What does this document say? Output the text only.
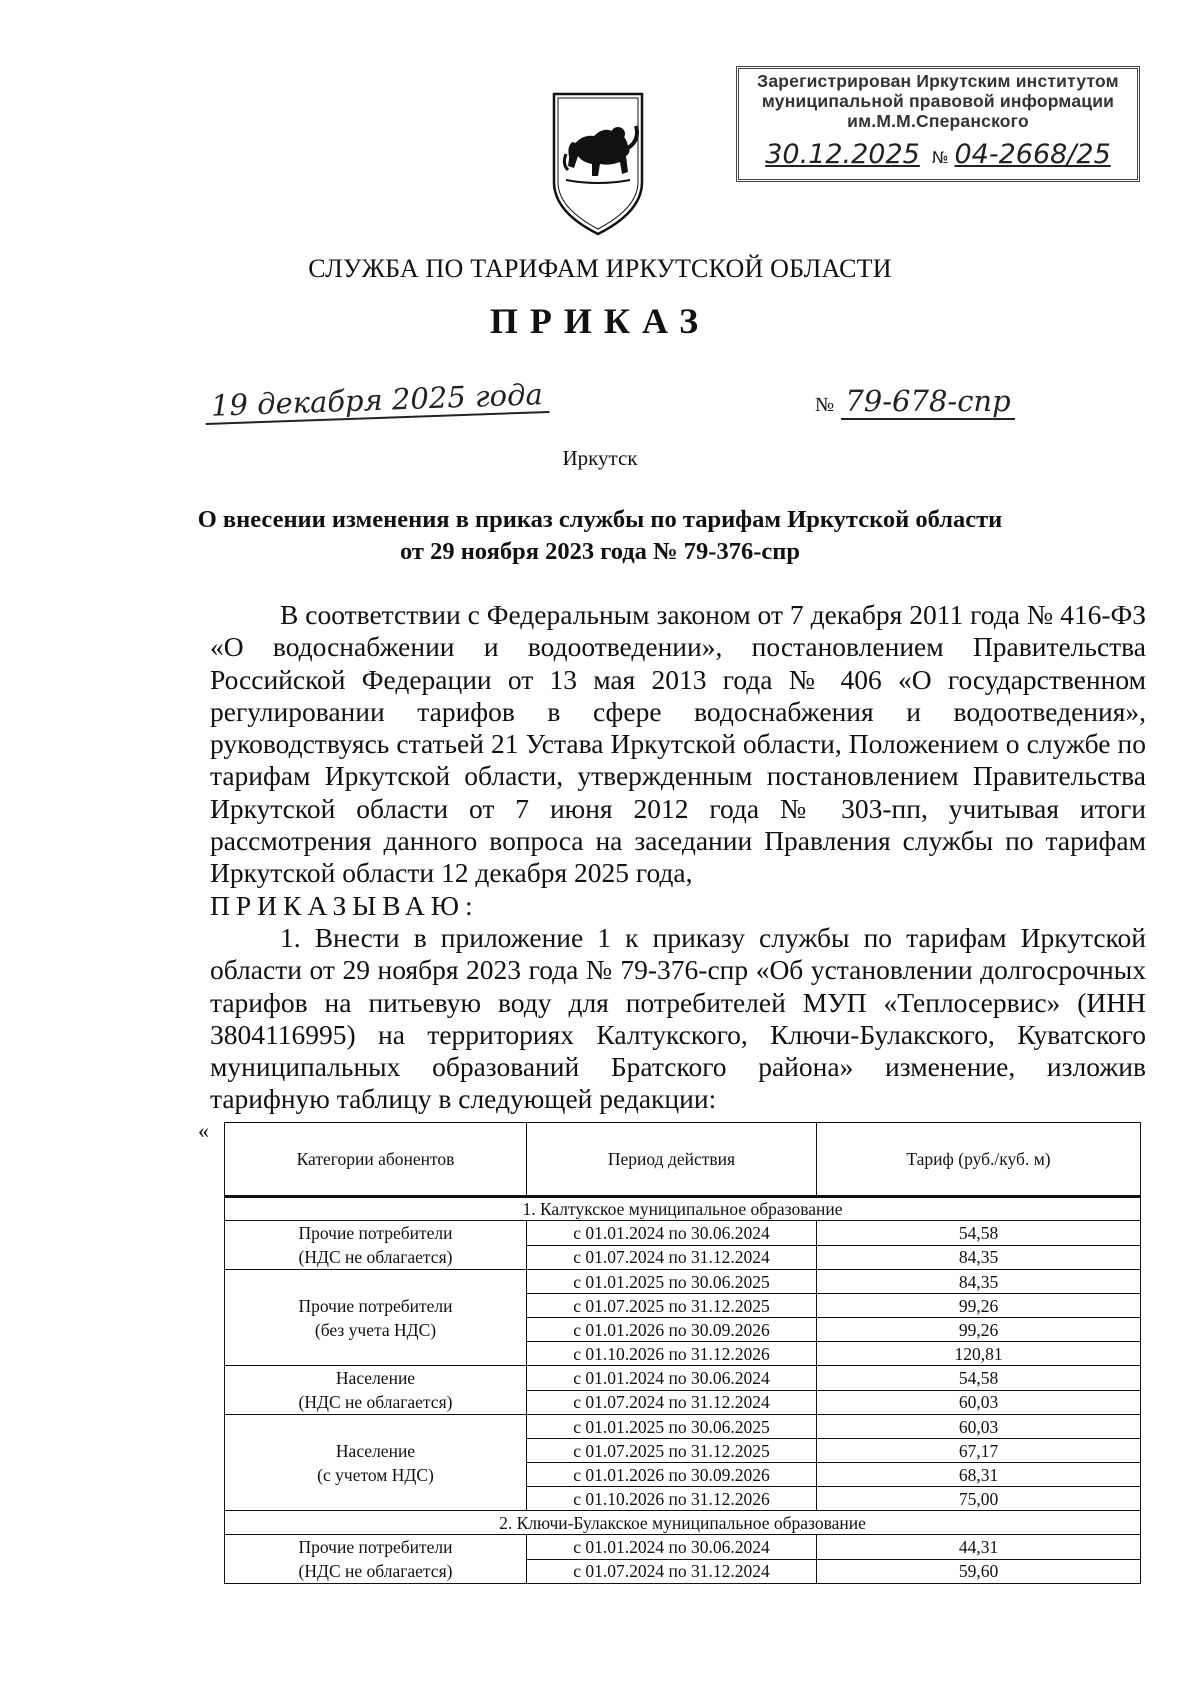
Зарегистрирован Иркутским институтом
муниципальной правовой информации
им.М.М.Сперанского
30.12.2025 № 04-2668/25
СЛУЖБА ПО ТАРИФАМ ИРКУТСКОЙ ОБЛАСТИ
ПРИКАЗ
19 декабря 2025 года	№ 79-678-спр
Иркутск
О внесении изменения в приказ службы по тарифам Иркутской области
от 29 ноября 2023 года № 79-376-спр

В соответствии с Федеральным законом от 7 декабря 2011 года № 416-ФЗ «О водоснабжении и водоотведении», постановлением Правительства Российской Федерации от 13 мая 2013 года № 406 «О государственном регулировании тарифов в сфере водоснабжения и водоотведения», руководствуясь статьей 21 Устава Иркутской области, Положением о службе по тарифам Иркутской области, утвержденным постановлением Правительства Иркутской области от 7 июня 2012 года № 303-пп, учитывая итоги рассмотрения данного вопроса на заседании Правления службы по тарифам Иркутской области 12 декабря 2025 года,

ПРИКАЗЫВАЮ:

1. Внести в приложение 1 к приказу службы по тарифам Иркутской области от 29 ноября 2023 года № 79-376-спр «Об установлении долгосрочных тарифов на питьевую воду для потребителей МУП «Теплосервис» (ИНН 3804116995) на территориях Калтукского, Ключи-Булакского, Куватского муниципальных образований Братского района» изменение, изложив тарифную таблицу в следующей редакции:

«
Категории абонентов	Период действия	Тариф (руб./куб. м)
1. Калтукское муниципальное образование		

Прочие потребители
(НДС не облагается)	с 01.01.2024 по 30.06.2024	54,58
	с 01.07.2024 по 31.12.2024	84,35

Прочие потребители
(без учета НДС)	с 01.01.2025 по 30.06.2025	84,35
	с 01.07.2025 по 31.12.2025	99,26
	с 01.01.2026 по 30.09.2026	99,26
	с 01.10.2026 по 31.12.2026	120,81

Население
(НДС не облагается)	с 01.01.2024 по 30.06.2024	54,58
	с 01.07.2024 по 31.12.2024	60,03

Население
(с учетом НДС)	с 01.01.2025 по 30.06.2025	60,03
	с 01.07.2025 по 31.12.2025	67,17
	с 01.01.2026 по 30.09.2026	68,31
	с 01.10.2026 по 31.12.2026	75,00
2. Ключи-Булакское муниципальное образование		

Прочие потребители
(НДС не облагается)	с 01.01.2024 по 30.06.2024	44,31
	с 01.07.2024 по 31.12.2024	59,60
